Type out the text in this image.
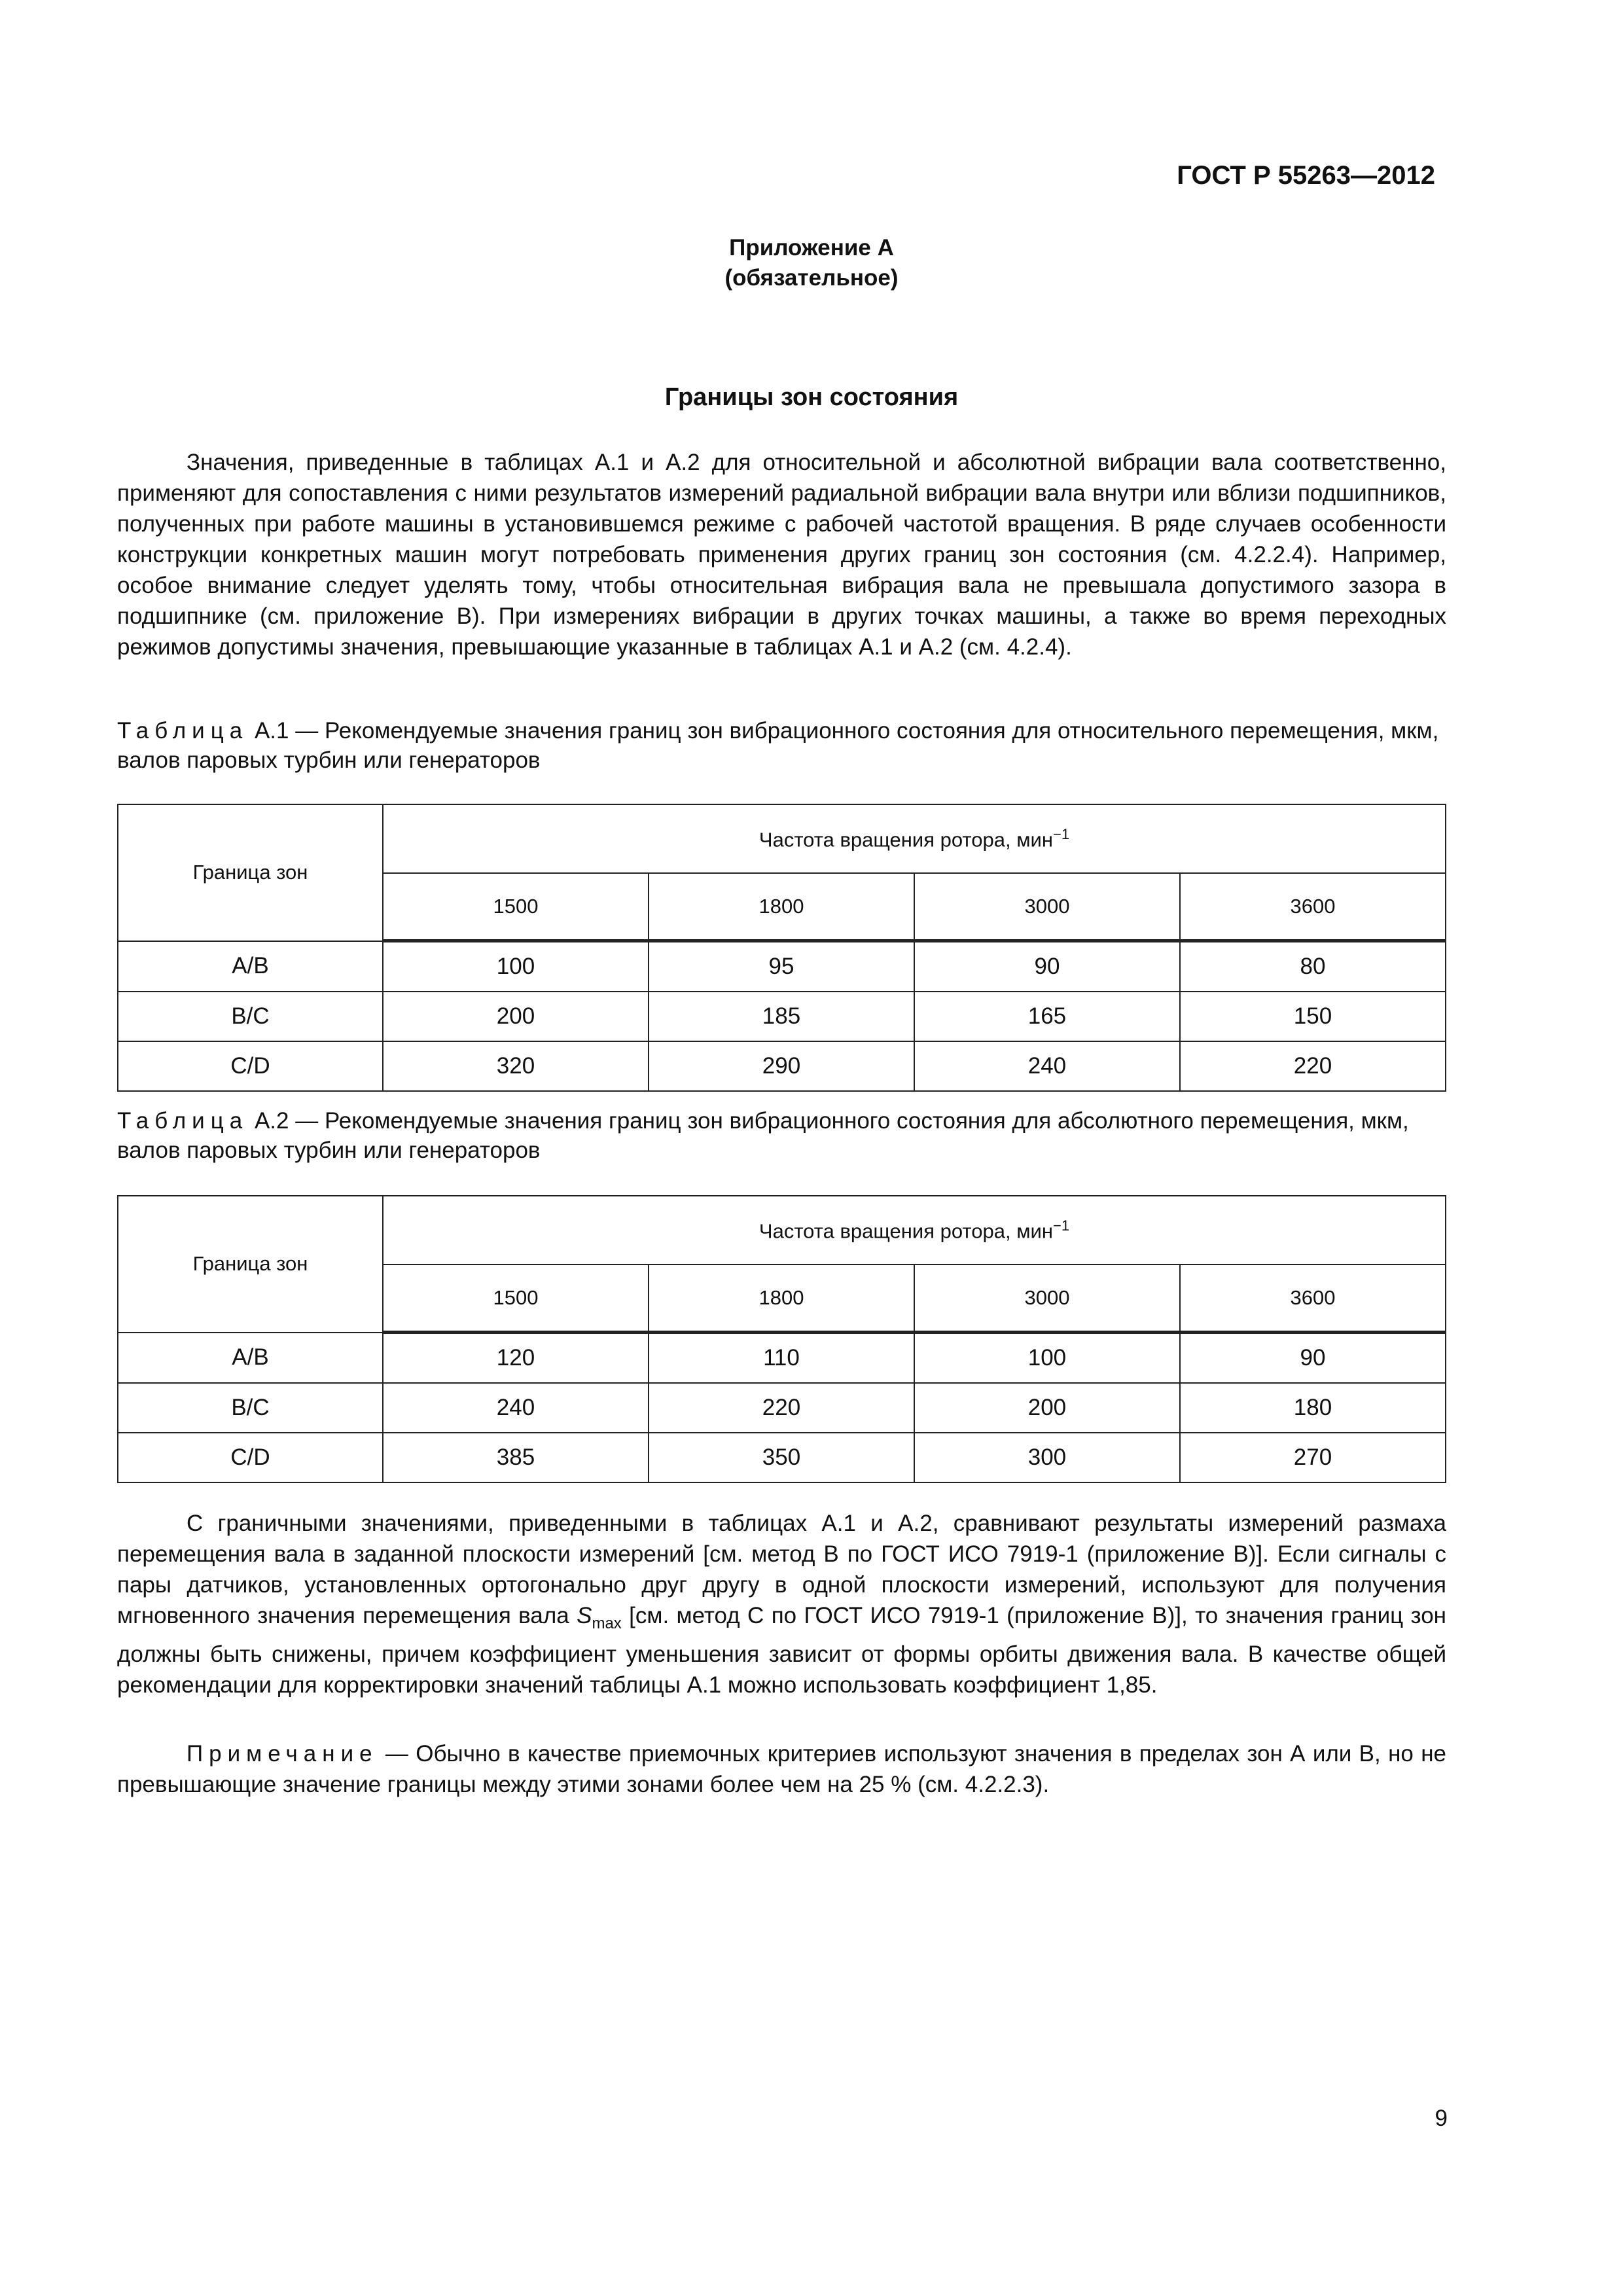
ГОСТ Р 55263—2012
Приложение А
(обязательное)
Границы зон состояния

Значения, приведенные в таблицах А.1 и А.2 для относительной и абсолютной вибрации вала соответственно, применяют для сопоставления с ними результатов измерений радиальной вибрации вала внутри или вблизи подшипников, полученных при работе машины в установившемся режиме с рабочей частотой вращения. В ряде случаев особенности конструкции конкретных машин могут потребовать применения других границ зон состояния (см. 4.2.2.4). Например, особое внимание следует уделять тому, чтобы относительная вибрация вала не превышала допустимого зазора в подшипнике (см. приложение В). При измерениях вибрации в других точках машины, а также во время переходных режимов допустимы значения, превышающие указанные в таблицах А.1 и А.2 (см. 4.2.4).

Таблица А.1 — Рекомендуемые значения границ зон вибрационного состояния для относительного перемещения, мкм, валов паровых турбин или генераторов

Граница зон	Частота вращения ротора, мин$^{-1}$
	1500	1800	3000	3600
A/B	100	95	90	80
B/C	200	185	165	150
C/D	320	290	240	220

Таблица А.2 — Рекомендуемые значения границ зон вибрационного состояния для абсолютного перемещения, мкм, валов паровых турбин или генераторов

Граница зон	Частота вращения ротора, мин$^{-1}$
	1500	1800	3000	3600
A/B	120	110	100	90
B/C	240	220	200	180
C/D	385	350	300	270

С граничными значениями, приведенными в таблицах А.1 и А.2, сравнивают результаты измерений размаха перемещения вала в заданной плоскости измерений [см. метод В по ГОСТ ИСО 7919-1 (приложение В)]. Если сигналы с пары датчиков, установленных ортогонально друг другу в одной плоскости измерений, используют для получения мгновенного значения перемещения вала $S_{max}$ [см. метод С по ГОСТ ИСО 7919-1 (приложение В)], то значения границ зон должны быть снижены, причем коэффициент уменьшения зависит от формы орбиты движения вала. В качестве общей рекомендации для корректировки значений таблицы А.1 можно использовать коэффициент 1,85.

Примечание — Обычно в качестве приемочных критериев используют значения в пределах зон А или В, но не превышающие значение границы между этими зонами более чем на 25 % (см. 4.2.2.3).

9
